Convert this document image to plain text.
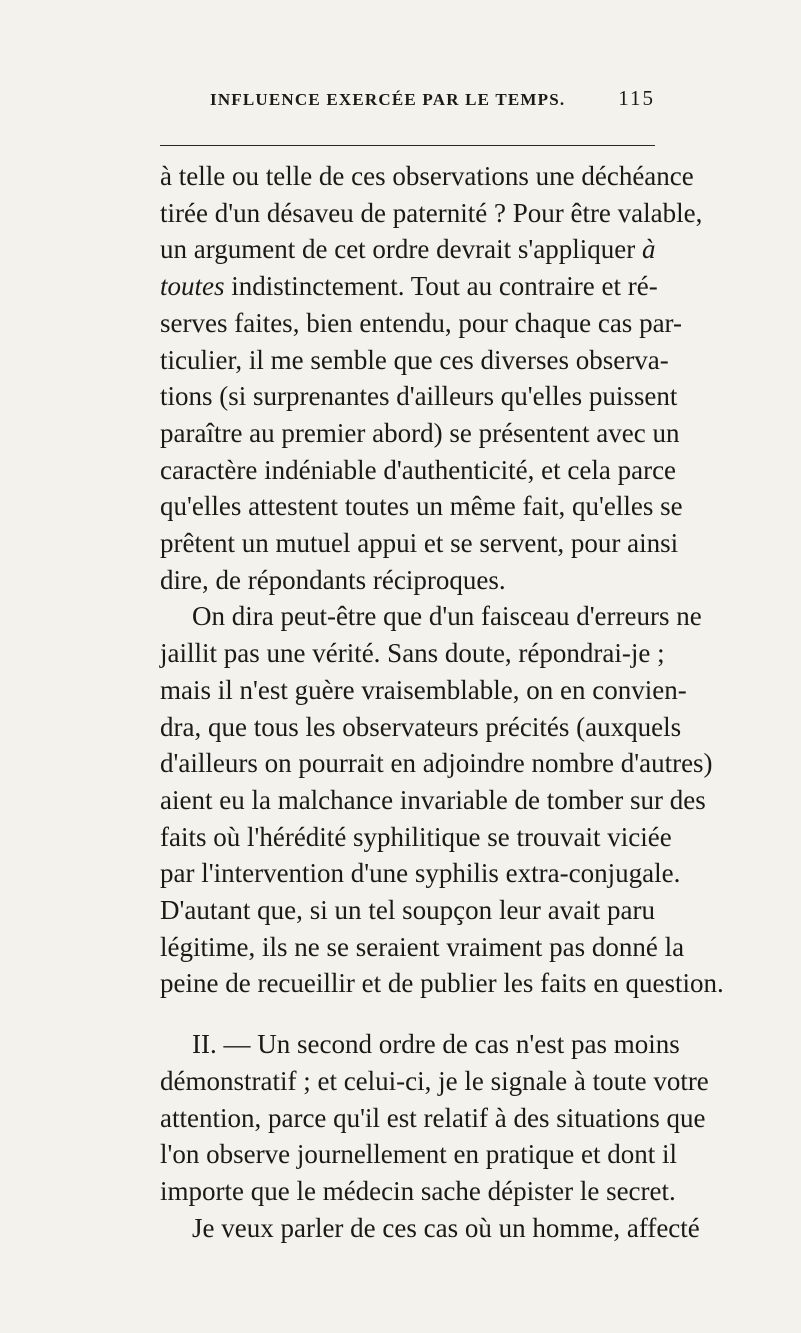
INFLUENCE EXERCÉE PAR LE TEMPS.	115
à telle ou telle de ces observations une déchéance
tirée d'un désaveu de paternité ? Pour être valable,
un argument de cet ordre devrait s'appliquer à
toutes indistinctement. Tout au contraire et ré-
serves faites, bien entendu, pour chaque cas par-
ticulier, il me semble que ces diverses observa-
tions (si surprenantes d'ailleurs qu'elles puissent
paraître au premier abord) se présentent avec un
caractère indéniable d'authenticité, et cela parce
qu'elles attestent toutes un même fait, qu'elles se
prêtent un mutuel appui et se servent, pour ainsi
dire, de répondants réciproques.
On dira peut-être que d'un faisceau d'erreurs ne
jaillit pas une vérité. Sans doute, répondrai-je ;
mais il n'est guère vraisemblable, on en convien-
dra, que tous les observateurs précités (auxquels
d'ailleurs on pourrait en adjoindre nombre d'autres)
aient eu la malchance invariable de tomber sur des
faits où l'hérédité syphilitique se trouvait viciée
par l'intervention d'une syphilis extra-conjugale.
D'autant que, si un tel soupçon leur avait paru
légitime, ils ne se seraient vraiment pas donné la
peine de recueillir et de publier les faits en question.
II. — Un second ordre de cas n'est pas moins
démonstratif ; et celui-ci, je le signale à toute votre
attention, parce qu'il est relatif à des situations que
l'on observe journellement en pratique et dont il
importe que le médecin sache dépister le secret.
Je veux parler de ces cas où un homme, affecté
